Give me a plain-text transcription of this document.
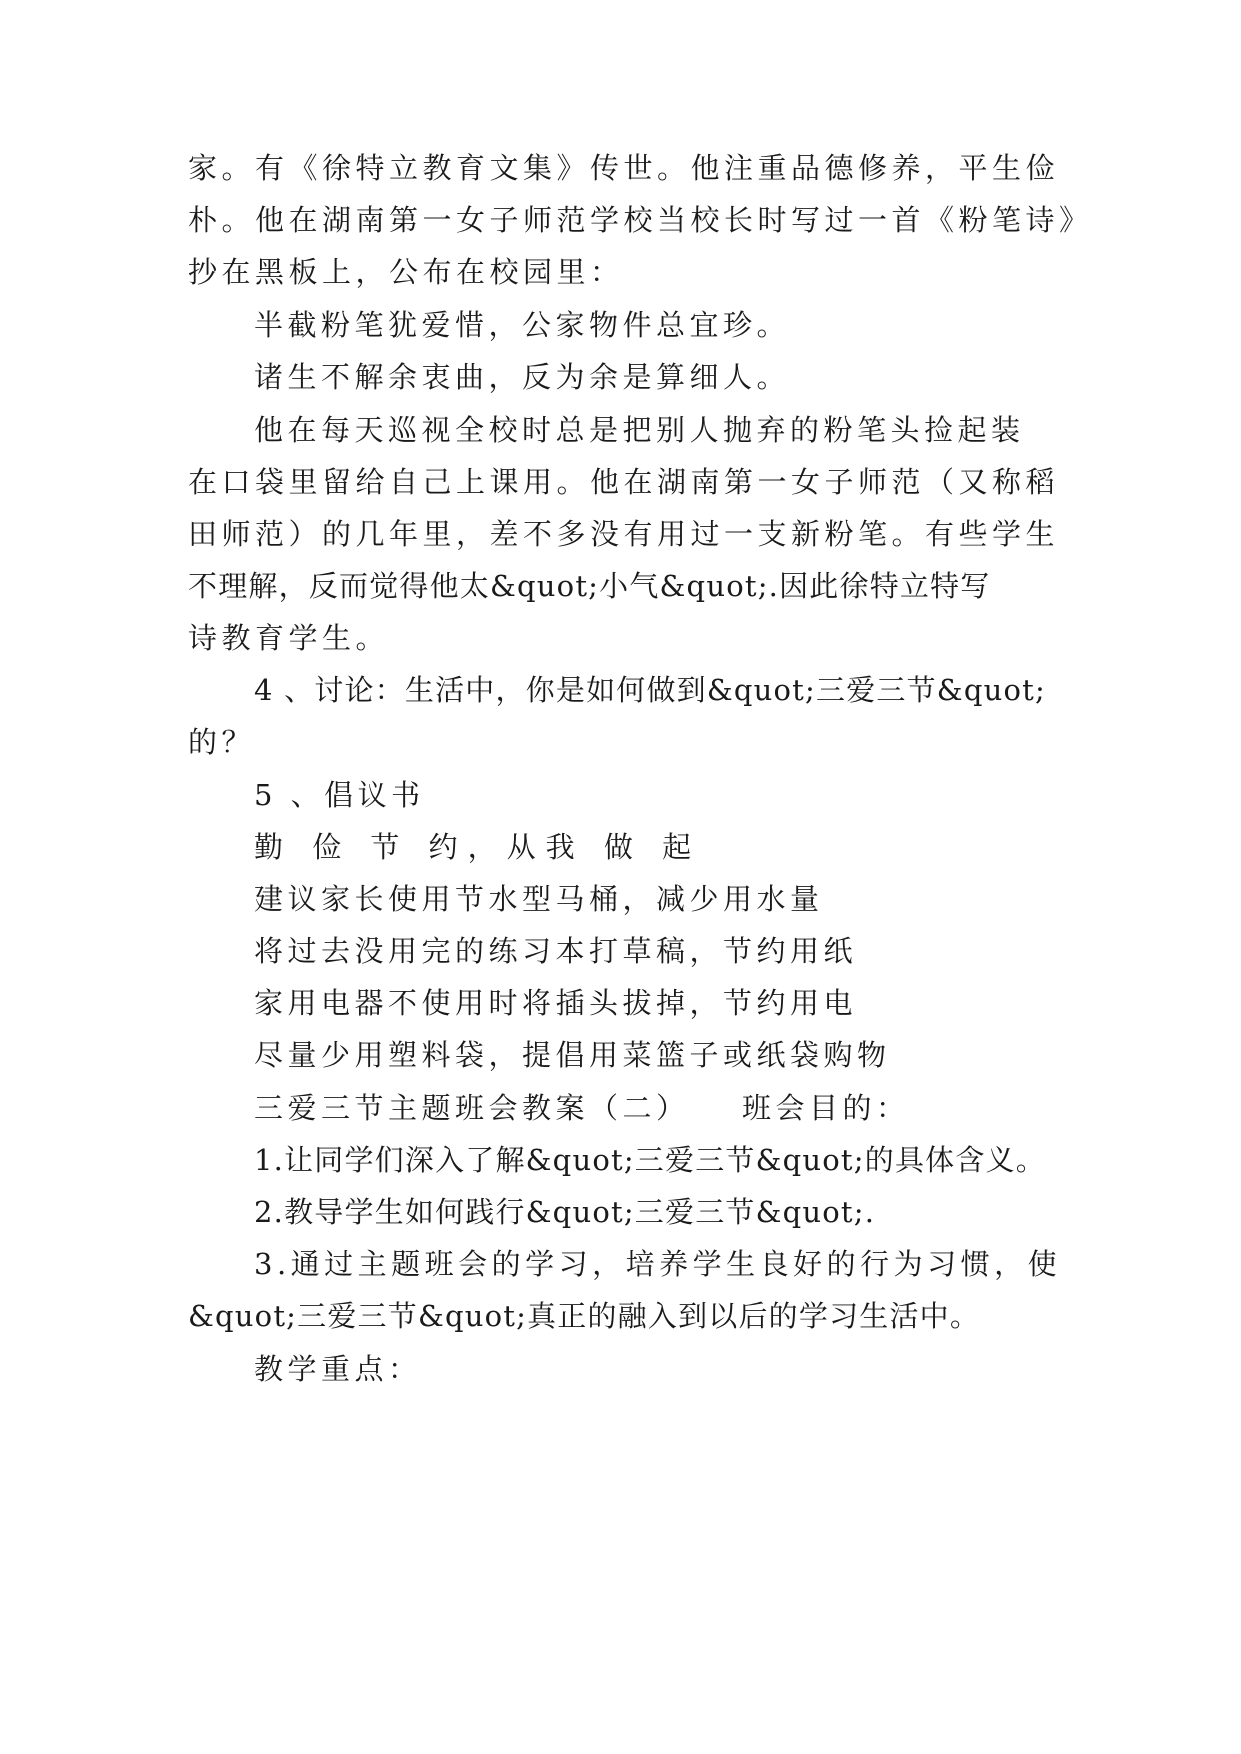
家。有《徐特立教育文集》传世。他注重品德修养，平生俭
朴。他在湖南第一女子师范学校当校长时写过一首《粉笔诗》
抄在黑板上，公布在校园里：
半截粉笔犹爱惜，公家物件总宜珍。
诸生不解余衷曲，反为余是算细人。
他在每天巡视全校时总是把别人抛弃的粉笔头捡起装
在口袋里留给自己上课用。他在湖南第一女子师范（又称稻
田师范）的几年里，差不多没有用过一支新粉笔。有些学生
不理解，反而觉得他太&quot;小气&quot;.因此徐特立特写
诗教育学生。
4 、讨论：生活中，你是如何做到&quot;三爱三节&quot;
的？
5 、倡议书
勤 俭 节 约，从我 做 起
建议家长使用节水型马桶，减少用水量
将过去没用完的练习本打草稿，节约用纸
家用电器不使用时将插头拔掉，节约用电
尽量少用塑料袋，提倡用菜篮子或纸袋购物
三爱三节主题班会教案（二）　　班会目的：
1.让同学们深入了解&quot;三爱三节&quot;的具体含义。
2.教导学生如何践行&quot;三爱三节&quot;.
3.通过主题班会的学习，培养学生良好的行为习惯，使
&quot;三爱三节&quot;真正的融入到以后的学习生活中。
教学重点：
